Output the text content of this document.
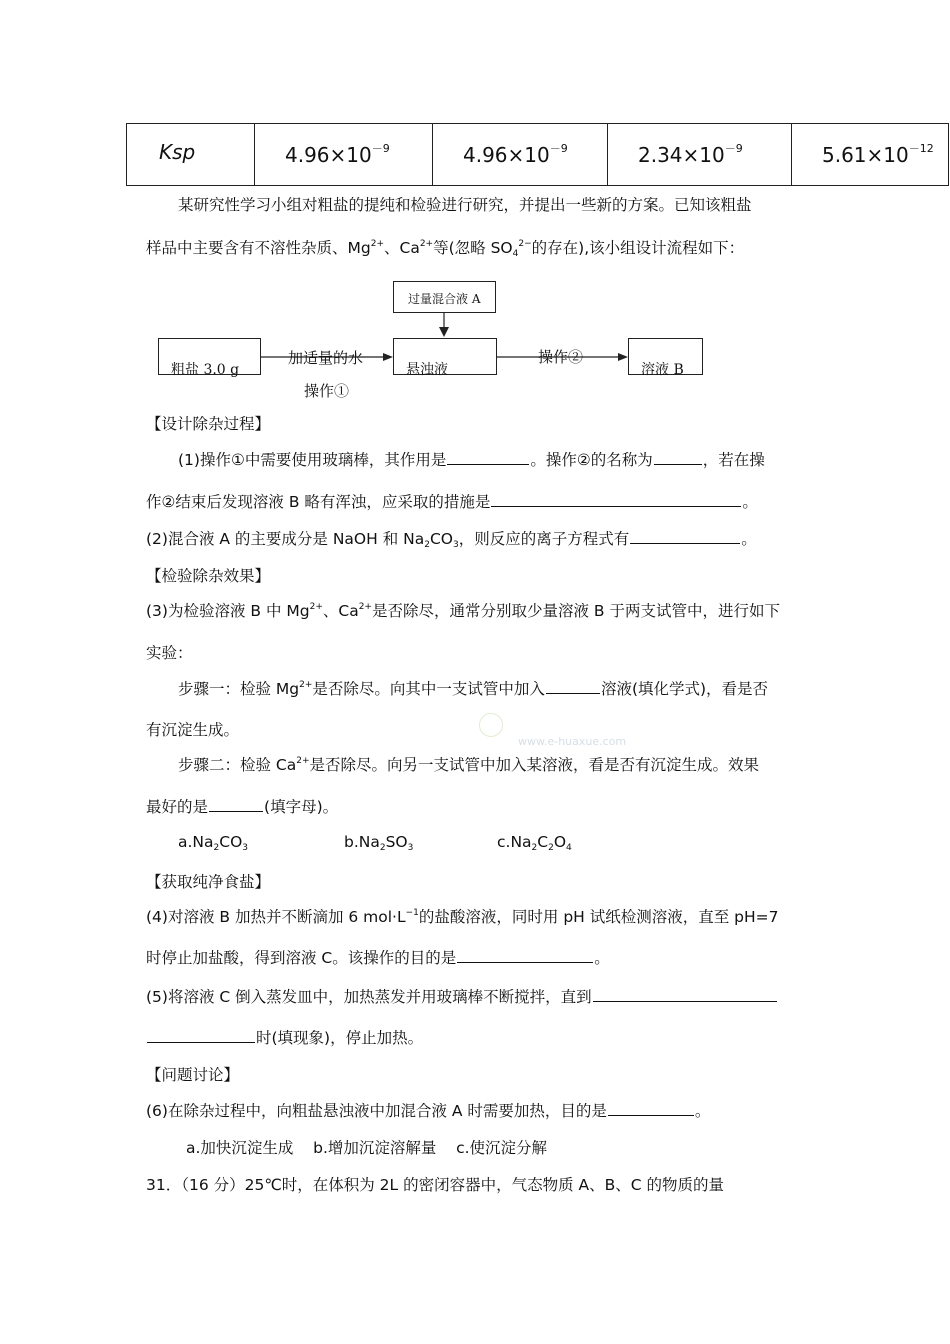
Ksp	$4.96\times 10^{-9}$	$4.96\times 10^{-9}$	$2.34\times 10^{-9}$	$5.61\times 10^{-12}$
某研究性学习小组对粗盐的提纯和检验进行研究，并提出一些新的方案。已知该粗盐
样品中主要含有不溶性杂质、$Mg^{2+}$、$Ca^{2+}$等(忽略 $SO_4^{2-}$的存在),该小组设计流程如下：
过量混合液 A
粗盐 3.0 g	悬浊液	溶液 B
加适量的水
操作①
操作②
【设计除杂过程】
(1)操作①中需要使用玻璃棒，其作用是	。操作②的名称为	，若在操
作②结束后发现溶液 B 略有浑浊，应采取的措施是	。
(2)混合液 A 的主要成分是 NaOH 和 $Na_2CO_3$，则反应的离子方程式有	。
【检验除杂效果】
(3)为检验溶液 B 中 $Mg^{2+}$、$Ca^{2+}$是否除尽，通常分别取少量溶液 B 于两支试管中，进行如下
实验：
步骤一：检验 $Mg^{2+}$是否除尽。向其中一支试管中加入	溶液(填化学式)，看是否
有沉淀生成。
步骤二：检验 $Ca^{2+}$是否除尽。向另一支试管中加入某溶液，看是否有沉淀生成。效果
最好的是	(填字母)。
$a.Na_2CO_3$	$b.Na_2SO_3$	$c.Na_2C_2O_4$
【获取纯净食盐】
(4)对溶液 B 加热并不断滴加 6 $mol\cdot L^{-1}$的盐酸溶液，同时用 pH 试纸检测溶液，直至 pH=7
时停止加盐酸，得到溶液 C。该操作的目的是	。
(5)将溶液 C 倒入蒸发皿中，加热蒸发并用玻璃棒不断搅拌，直到
时(填现象)，停止加热。
【问题讨论】
(6)在除杂过程中，向粗盐悬浊液中加混合液 A 时需要加热，目的是	。
a.加快沉淀生成    b.增加沉淀溶解量    c.使沉淀分解
31．（16 分）25℃时，在体积为 2L 的密闭容器中，气态物质 A、B、C 的物质的量
www.e-huaxue.com
